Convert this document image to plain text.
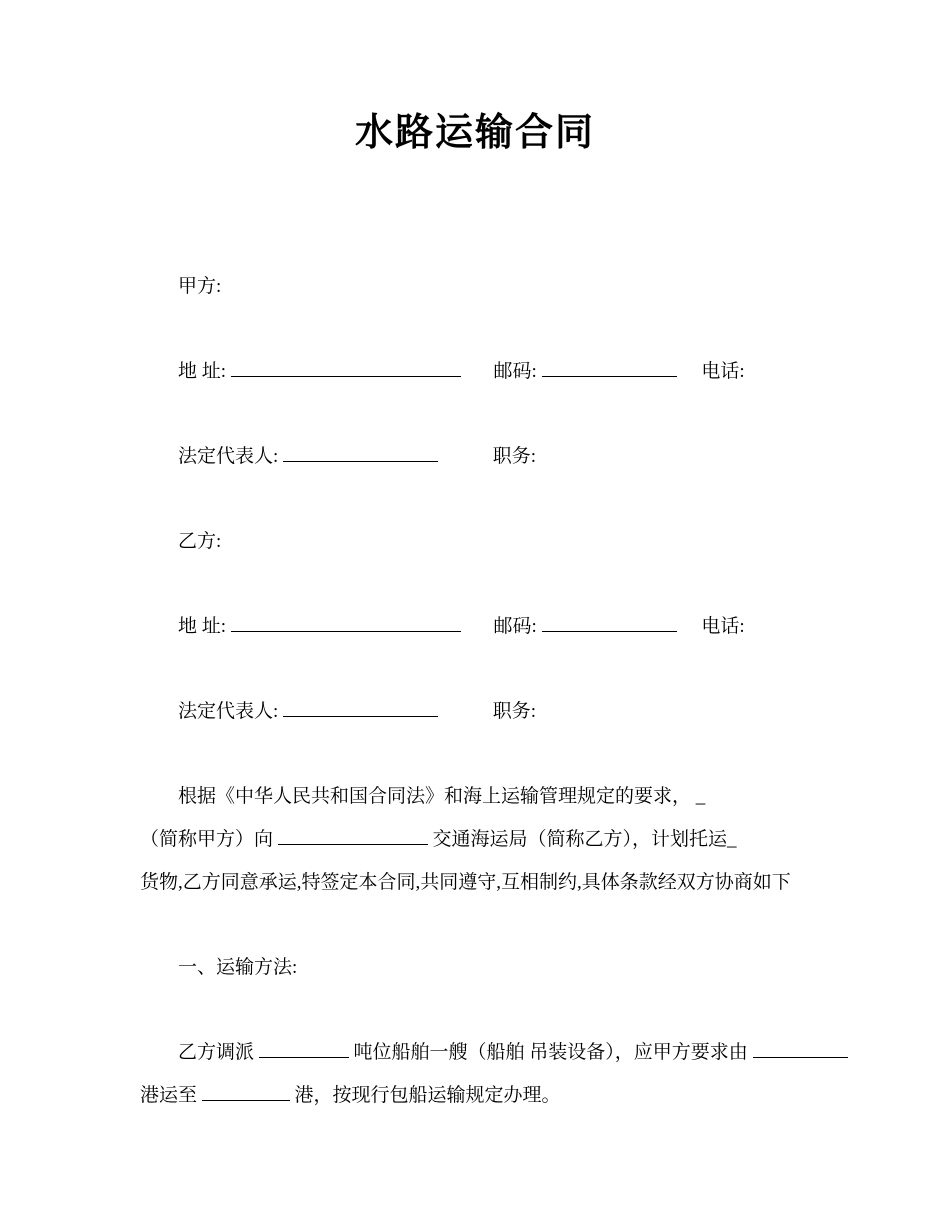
水路运输合同
甲方:
地 址:	邮码:	电话:
法定代表人:	职务:
乙方:
地 址:	邮码:	电话:
法定代表人:	职务:
根据《中华人民共和国合同法》和海上运输管理规定的要求， _
（简称甲方）向	交通海运局（简称乙方），计划托运_
货物,乙方同意承运,特签定本合同,共同遵守,互相制约,具体条款经双方协商如下
一、运输方法:
乙方调派	吨位船舶一艘（船舶 吊装设备），应甲方要求由
港运至	港，按现行包船运输规定办理。
